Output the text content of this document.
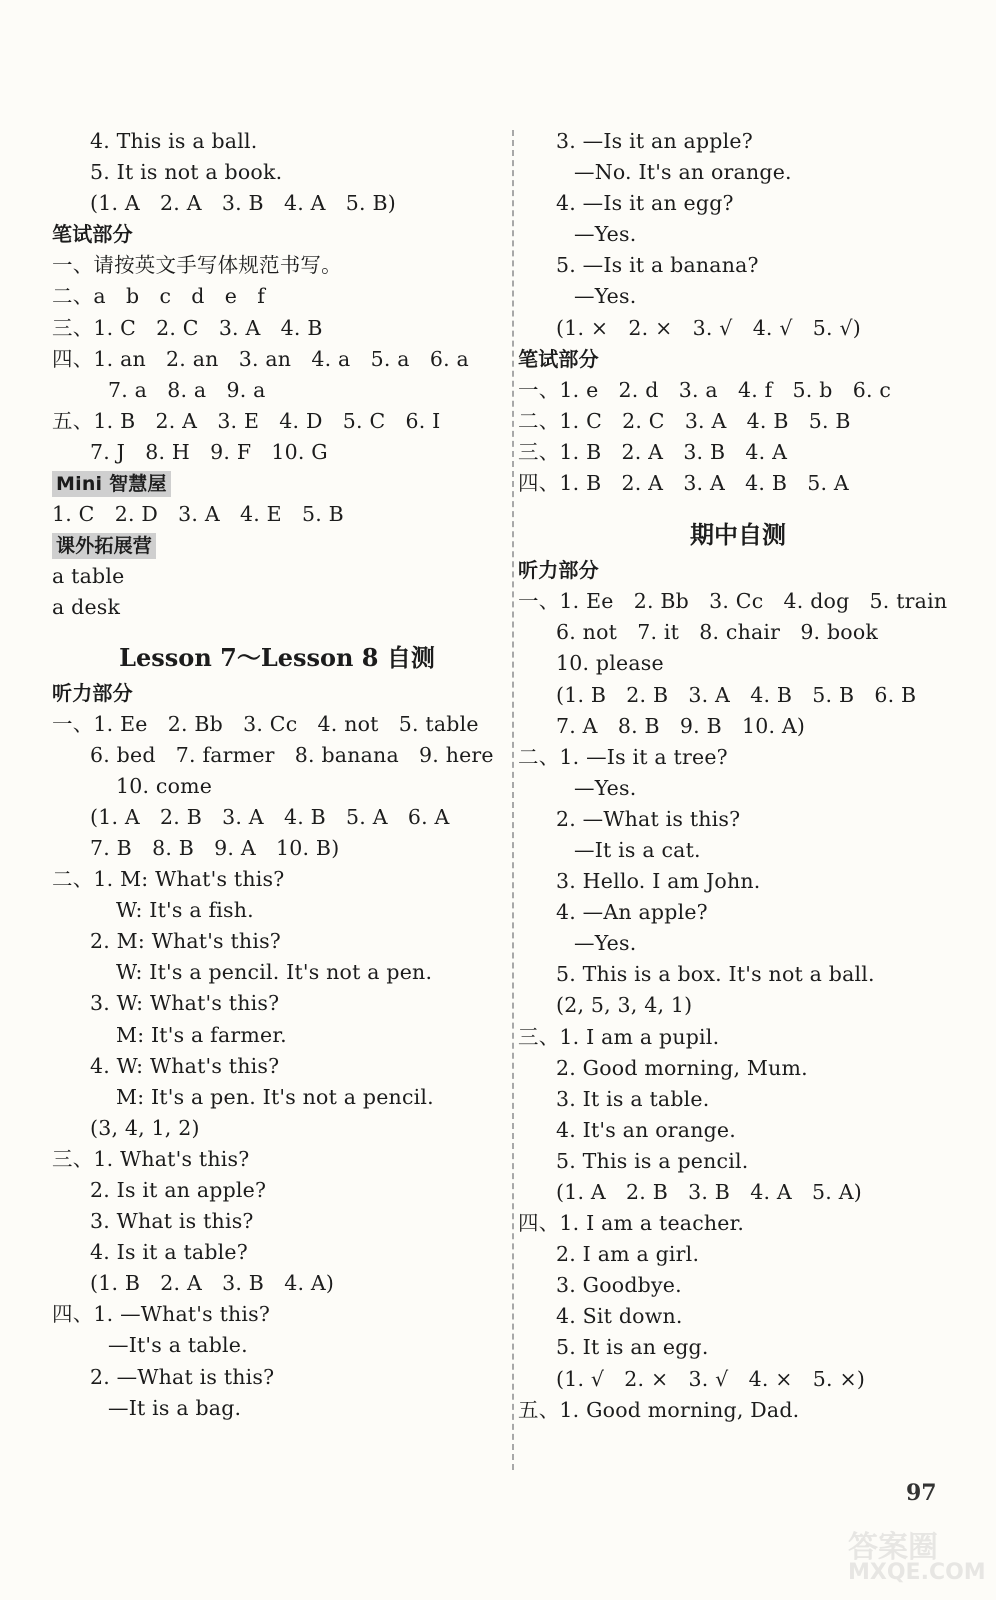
4. This is a ball.
5. It is not a book.
(1. A   2. A   3. B   4. A   5. B)
笔试部分
一、请按英文手写体规范书写。
二、a   b   c   d   e   f
三、1. C   2. C   3. A   4. B
四、1. an   2. an   3. an   4. a   5. a   6. a
7. a   8. a   9. a
五、1. B   2. A   3. E   4. D   5. C   6. I
7. J   8. H   9. F   10. G
Mini 智慧屋
1. C   2. D   3. A   4. E   5. B
课外拓展营
a table
a desk
Lesson 7～Lesson 8 自测
听力部分
一、1. Ee   2. Bb   3. Cc   4. not   5. table
6. bed   7. farmer   8. banana   9. here
10. come
(1. A   2. B   3. A   4. B   5. A   6. A
7. B   8. B   9. A   10. B)
二、1. M: What's this?
W: It's a fish.
2. M: What's this?
W: It's a pencil. It's not a pen.
3. W: What's this?
M: It's a farmer.
4. W: What's this?
M: It's a pen. It's not a pencil.
(3, 4, 1, 2)
三、1. What's this?
2. Is it an apple?
3. What is this?
4. Is it a table?
(1. B   2. A   3. B   4. A)
四、1. —What's this?
—It's a table.
2. —What is this?
—It is a bag.
3. —Is it an apple?
—No. It's an orange.
4. —Is it an egg?
—Yes.
5. —Is it a banana?
—Yes.
(1. ×   2. ×   3. √   4. √   5. √)
笔试部分
一、1. e   2. d   3. a   4. f   5. b   6. c
二、1. C   2. C   3. A   4. B   5. B
三、1. B   2. A   3. B   4. A
四、1. B   2. A   3. A   4. B   5. A
期中自测
听力部分
一、1. Ee   2. Bb   3. Cc   4. dog   5. train
6. not   7. it   8. chair   9. book
10. please
(1. B   2. B   3. A   4. B   5. B   6. B
7. A   8. B   9. B   10. A)
二、1. —Is it a tree?
—Yes.
2. —What is this?
—It is a cat.
3. Hello. I am John.
4. —An apple?
—Yes.
5. This is a box. It's not a ball.
(2, 5, 3, 4, 1)
三、1. I am a pupil.
2. Good morning, Mum.
3. It is a table.
4. It's an orange.
5. This is a pencil.
(1. A   2. B   3. B   4. A   5. A)
四、1. I am a teacher.
2. I am a girl.
3. Goodbye.
4. Sit down.
5. It is an egg.
(1. √   2. ×   3. √   4. ×   5. ×)
五、1. Good morning, Dad.
97
答案圈
MXQE.COM
